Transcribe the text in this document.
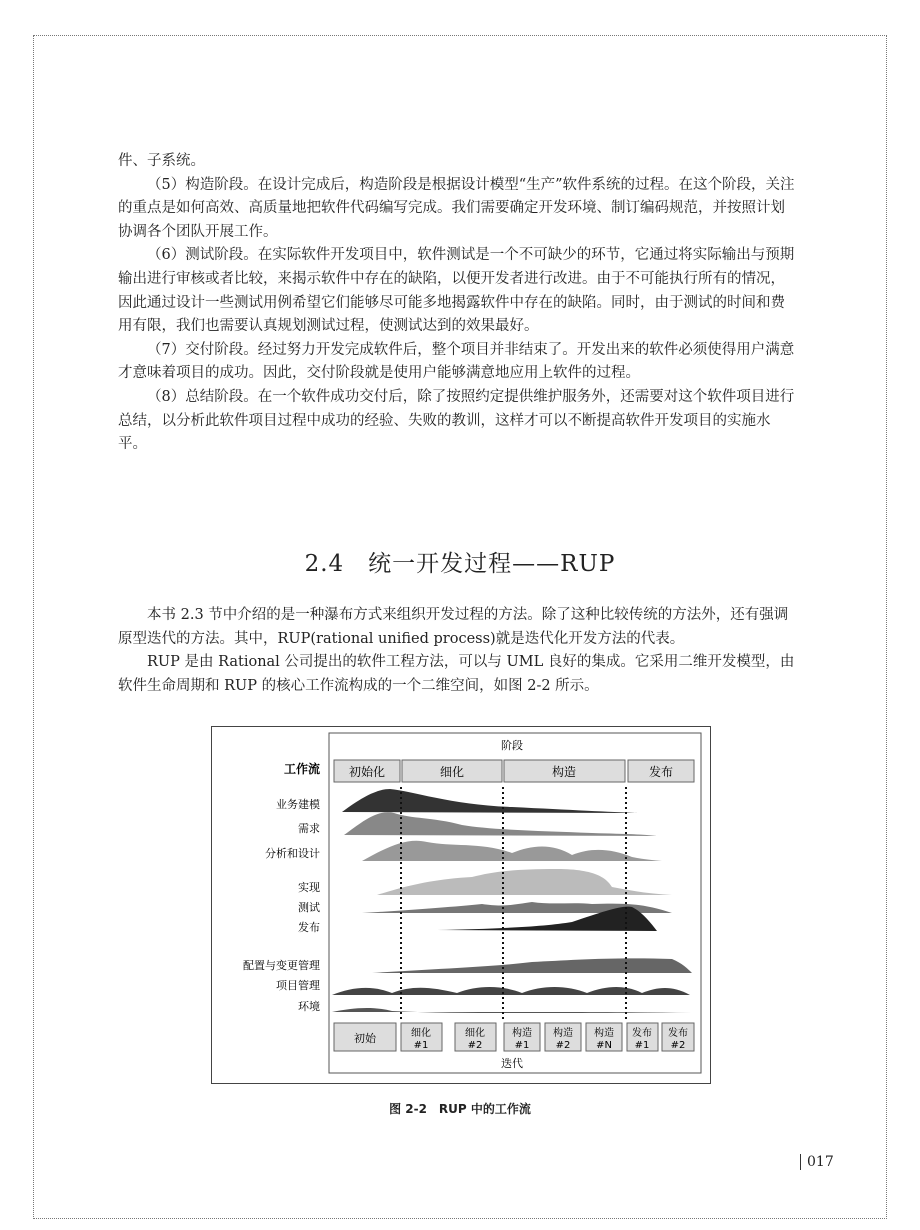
件、子系统。

（5）构造阶段。在设计完成后，构造阶段是根据设计模型“生产”软件系统的过程。在这个阶段，关注的重点是如何高效、高质量地把软件代码编写完成。我们需要确定开发环境、制订编码规范，并按照计划协调各个团队开展工作。

（6）测试阶段。在实际软件开发项目中，软件测试是一个不可缺少的环节，它通过将实际输出与预期输出进行审核或者比较，来揭示软件中存在的缺陷，以便开发者进行改进。由于不可能执行所有的情况，因此通过设计一些测试用例希望它们能够尽可能多地揭露软件中存在的缺陷。同时，由于测试的时间和费用有限，我们也需要认真规划测试过程，使测试达到的效果最好。

（7）交付阶段。经过努力开发完成软件后，整个项目并非结束了。开发出来的软件必须使得用户满意才意味着项目的成功。因此，交付阶段就是使用户能够满意地应用上软件的过程。

（8）总结阶段。在一个软件成功交付后，除了按照约定提供维护服务外，还需要对这个软件项目进行总结，以分析此软件项目过程中成功的经验、失败的教训，这样才可以不断提高软件开发项目的实施水平。

2.4　统一开发过程——RUP

本书 2.3 节中介绍的是一种瀑布方式来组织开发过程的方法。除了这种比较传统的方法外，还有强调原型迭代的方法。其中，RUP(rational unified process)就是迭代化开发方法的代表。

RUP 是由 Rational 公司提出的软件工程方法，可以与 UML 良好的集成。它采用二维开发模型，由软件生命周期和 RUP 的核心工作流构成的一个二维空间，如图 2-2 所示。

阶段
工作流 初始化	细化	构造	发布
业务建模
需求
分析和设计
实现
测试
发布
配置与变更管理
项目管理
环境
初始	细化
#1
细化
#2
构造
#1
构造
#2
构造
#N
发布
#1
发布
#2
迭代
图 2-2　RUP 中的工作流
017
